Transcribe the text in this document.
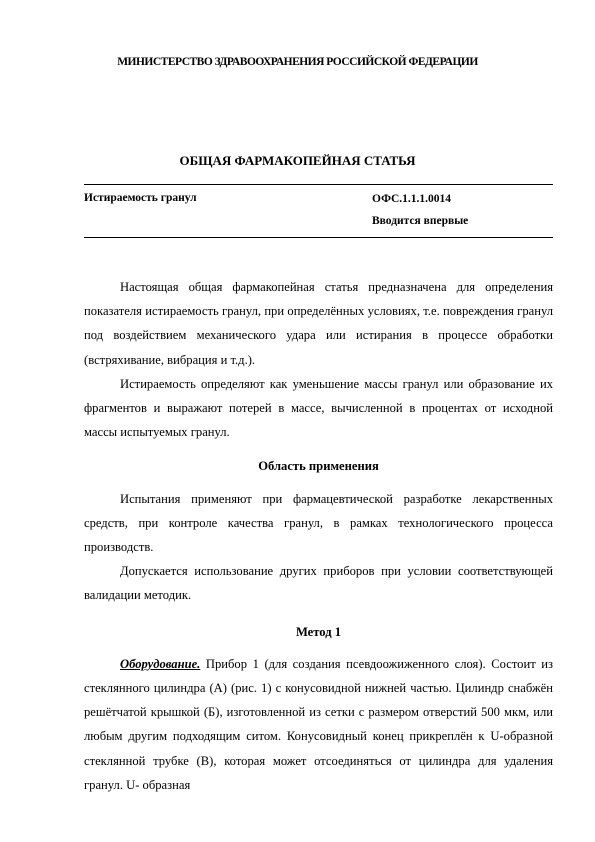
МИНИСТЕРСТВО ЗДРАВООХРАНЕНИЯ РОССИЙСКОЙ ФЕДЕРАЦИИ
ОБЩАЯ ФАРМАКОПЕЙНАЯ СТАТЬЯ
Истираемость гранул	ОФС.1.1.1.0014
Вводится впервые

Настоящая общая фармакопейная статья предназначена для определения показателя истираемость гранул, при определённых условиях, т.е. повреждения гранул под воздействием механического удара или истирания в процессе обработки (встряхивание, вибрация и т.д.).

Истираемость определяют как уменьшение массы гранул или образование их фрагментов и выражают потерей в массе, вычисленной в процентах от исходной массы испытуемых гранул.

Область применения

Испытания применяют при фармацевтической разработке лекарственных средств, при контроле качества гранул, в рамках технологического процесса производств.

Допускается использование других приборов при условии соответствующей валидации методик.

Метод 1

Оборудование. Прибор 1 (для создания псевдоожиженного слоя). Состоит из стеклянного цилиндра (А) (рис. 1) с конусовидной нижней частью. Цилиндр снабжён решётчатой крышкой (Б), изготовленной из сетки с размером отверстий 500 мкм, или любым другим подходящим ситом. Конусовидный конец прикреплён к U-образной стеклянной трубке (В), которая может отсоединяться от цилиндра для удаления гранул. U- образная
